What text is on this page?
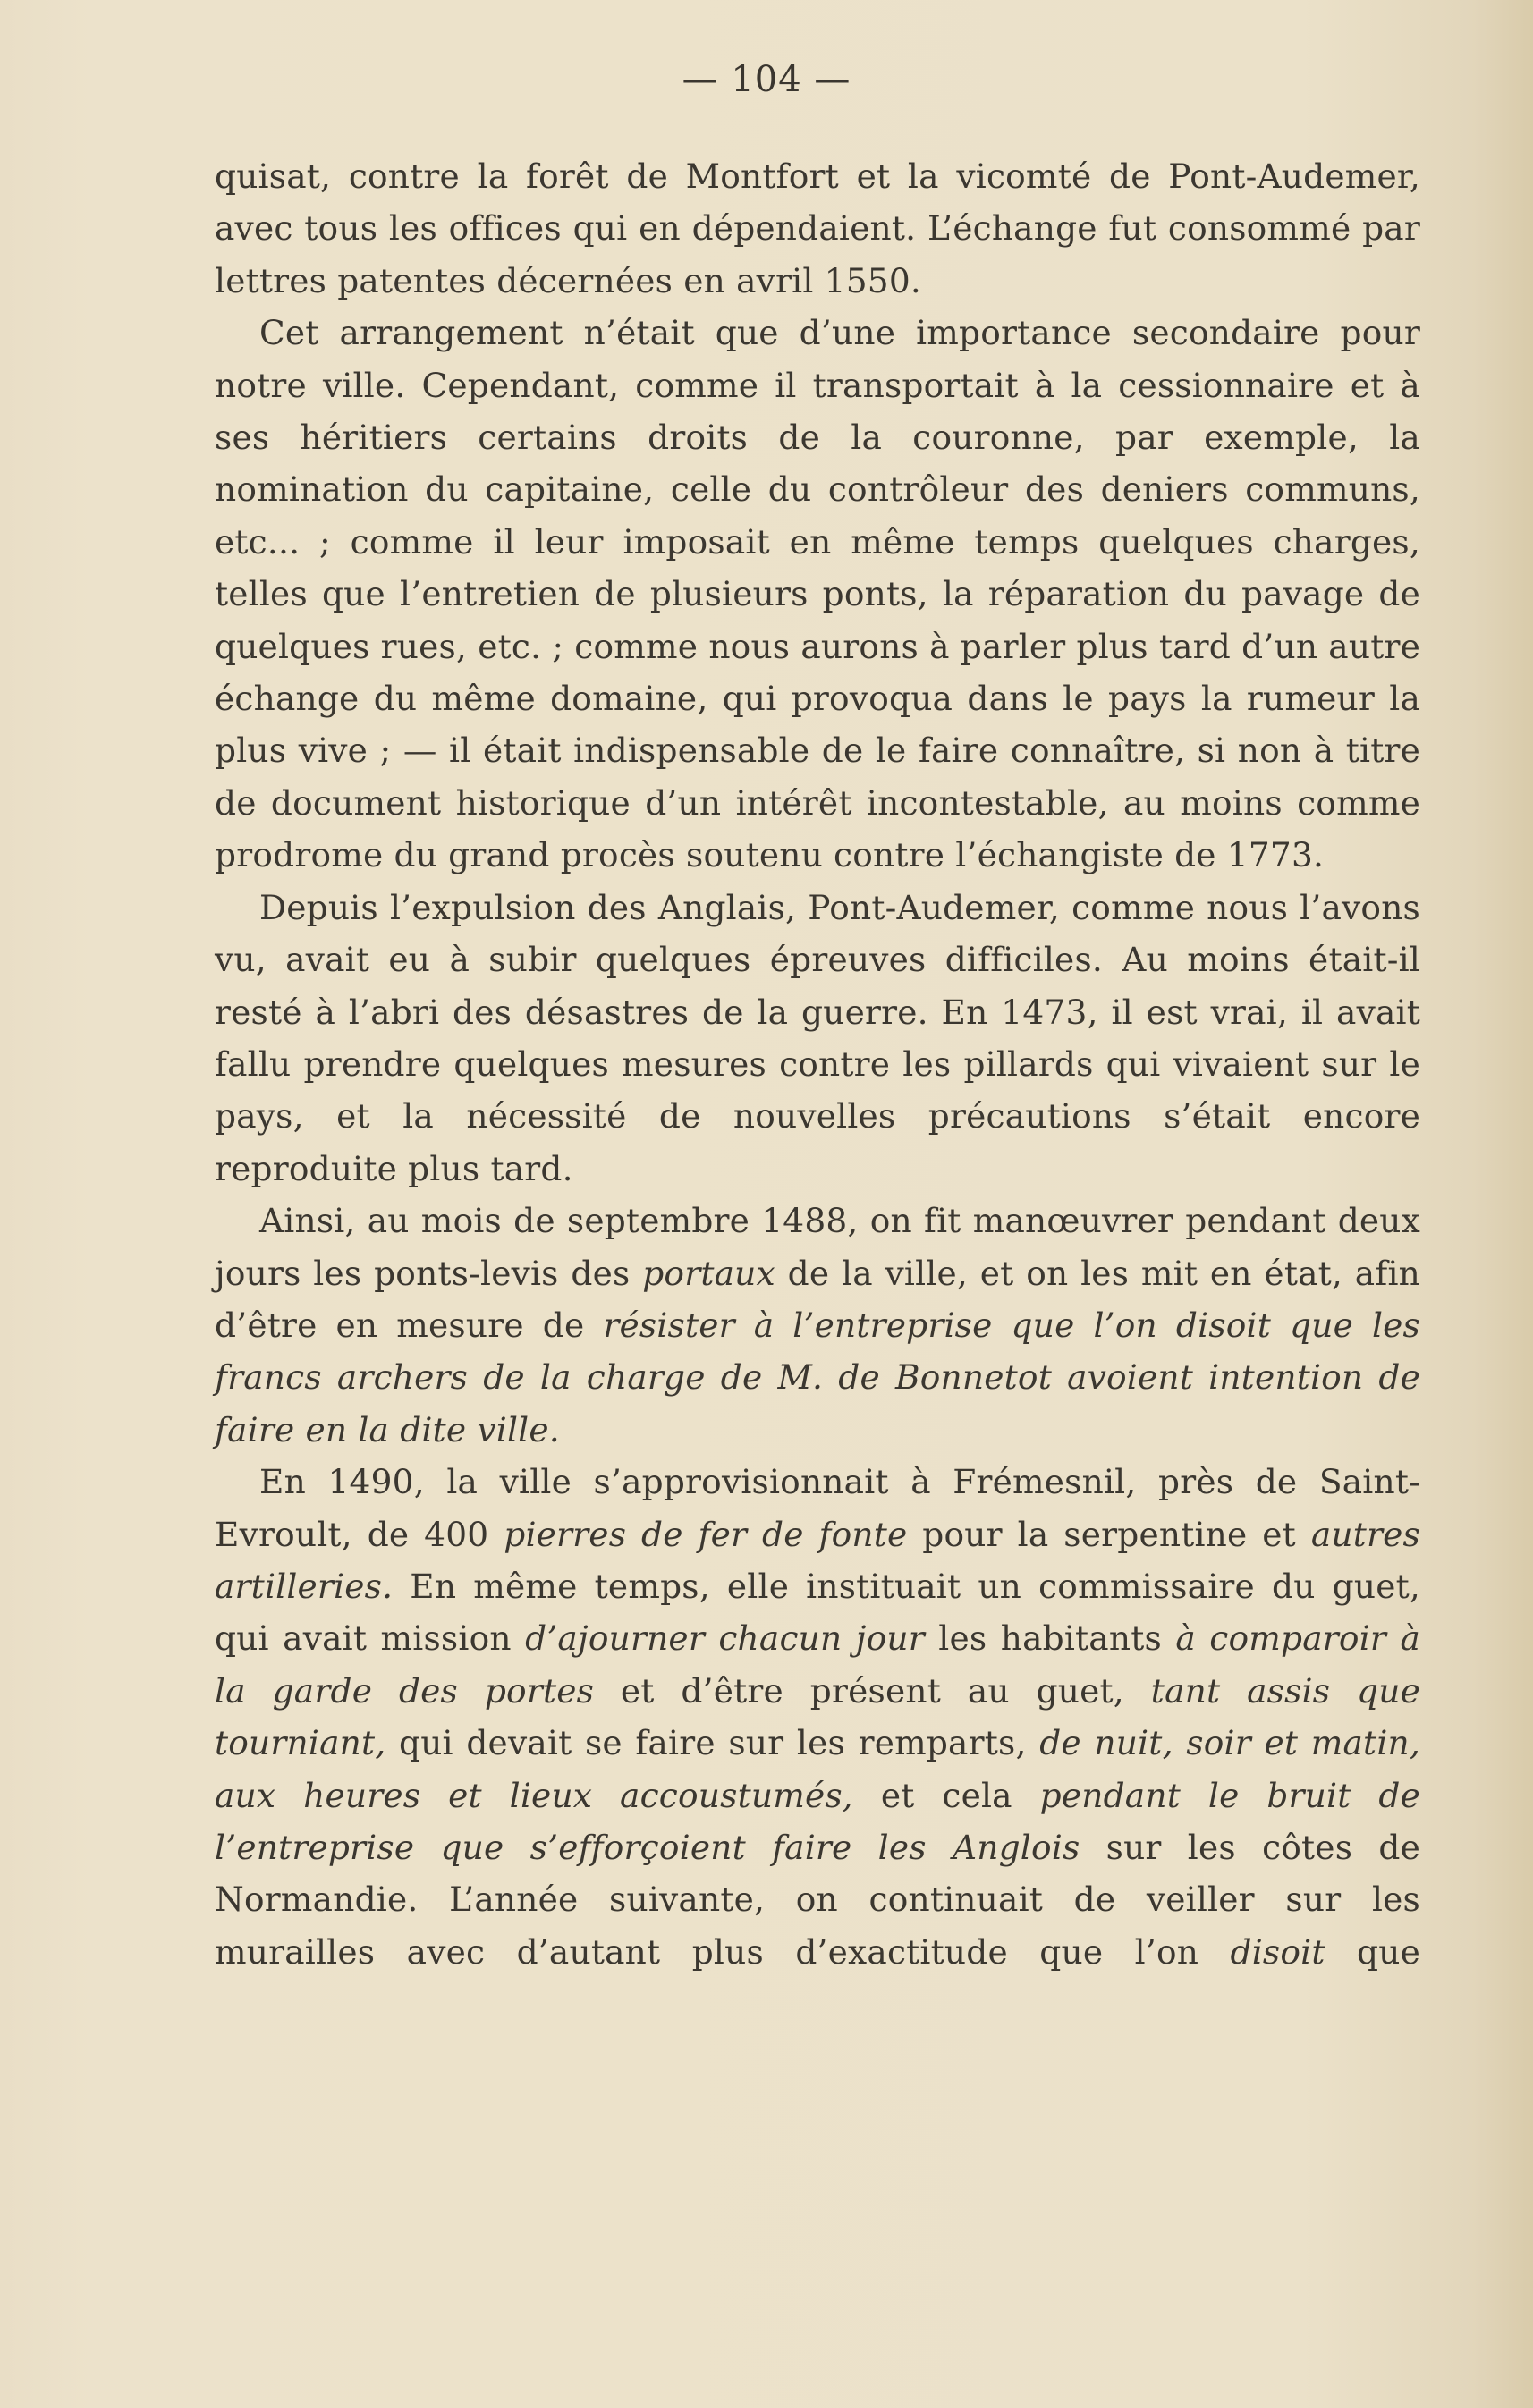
— 104 —

quisat, contre la forêt de Montfort et la vicomté de Pont-Audemer, avec tous les offices qui en dépendaient. L’échange fut consommé par lettres patentes décernées en avril 1550.

Cet arrangement n’était que d’une importance secondaire pour notre ville. Cependant, comme il transportait à la cessionnaire et à ses héritiers certains droits de la couronne, par exemple, la nomination du capitaine, celle du contrôleur des deniers communs, etc... ; comme il leur imposait en même temps quelques charges, telles que l’entretien de plusieurs ponts, la réparation du pavage de quelques rues, etc. ; comme nous aurons à parler plus tard d’un autre échange du même domaine, qui provoqua dans le pays la rumeur la plus vive ; — il était indispensable de le faire connaître, si non à titre de document historique d’un intérêt incontestable, au moins comme prodrome du grand procès soutenu contre l’échangiste de 1773.

Depuis l’expulsion des Anglais, Pont-Audemer, comme nous l’avons vu, avait eu à subir quelques épreuves difficiles. Au moins était-il resté à l’abri des désastres de la guerre. En 1473, il est vrai, il avait fallu prendre quelques mesures contre les pillards qui vivaient sur le pays, et la nécessité de nouvelles précautions s’était encore reproduite plus tard.

Ainsi, au mois de septembre 1488, on fit manœuvrer pendant deux jours les ponts-levis des portaux de la ville, et on les mit en état, afin d’être en mesure de résister à l’entreprise que l’on disoit que les francs archers de la charge de M. de Bonnetot avoient intention de faire en la dite ville.

En 1490, la ville s’approvisionnait à Frémesnil, près de Saint-Evroult, de 400 pierres de fer de fonte pour la serpentine et autres artilleries. En même temps, elle instituait un commissaire du guet, qui avait mission d’ajourner chacun jour les habitants à comparoir à la garde des portes et d’être présent au guet, tant assis que tourniant, qui devait se faire sur les remparts, de nuit, soir et matin, aux heures et lieux accoustumés, et cela pendant le bruit de l’entreprise que s’efforçoient faire les Anglois sur les côtes de Normandie. L’année suivante, on continuait de veiller sur les murailles avec d’autant plus d’exactitude que l’on disoit que
